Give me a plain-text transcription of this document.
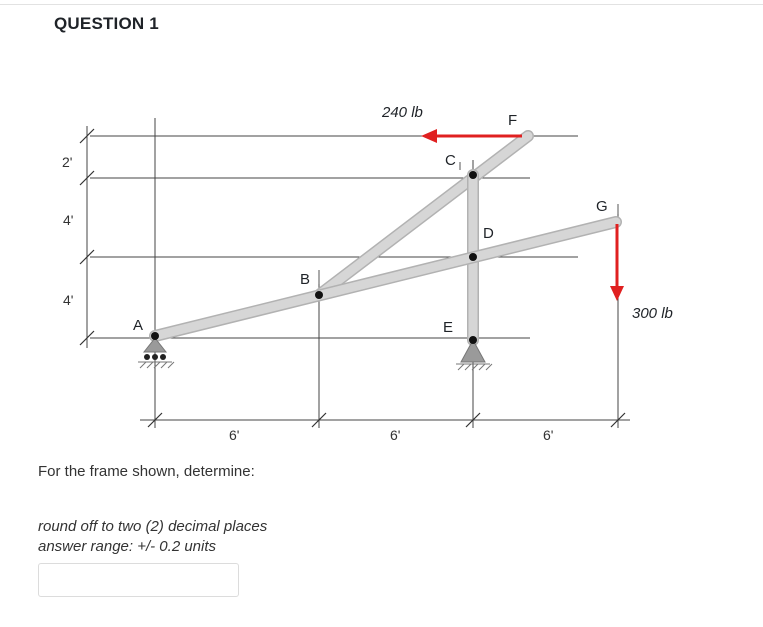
QUESTION 1
2'
4'
4'
6'	6'	6'
A
B
C
D
E
F
G
240 lb
300 lb
For the frame shown, determine:
round off to two (2) decimal places
answer range: +/- 0.2 units
